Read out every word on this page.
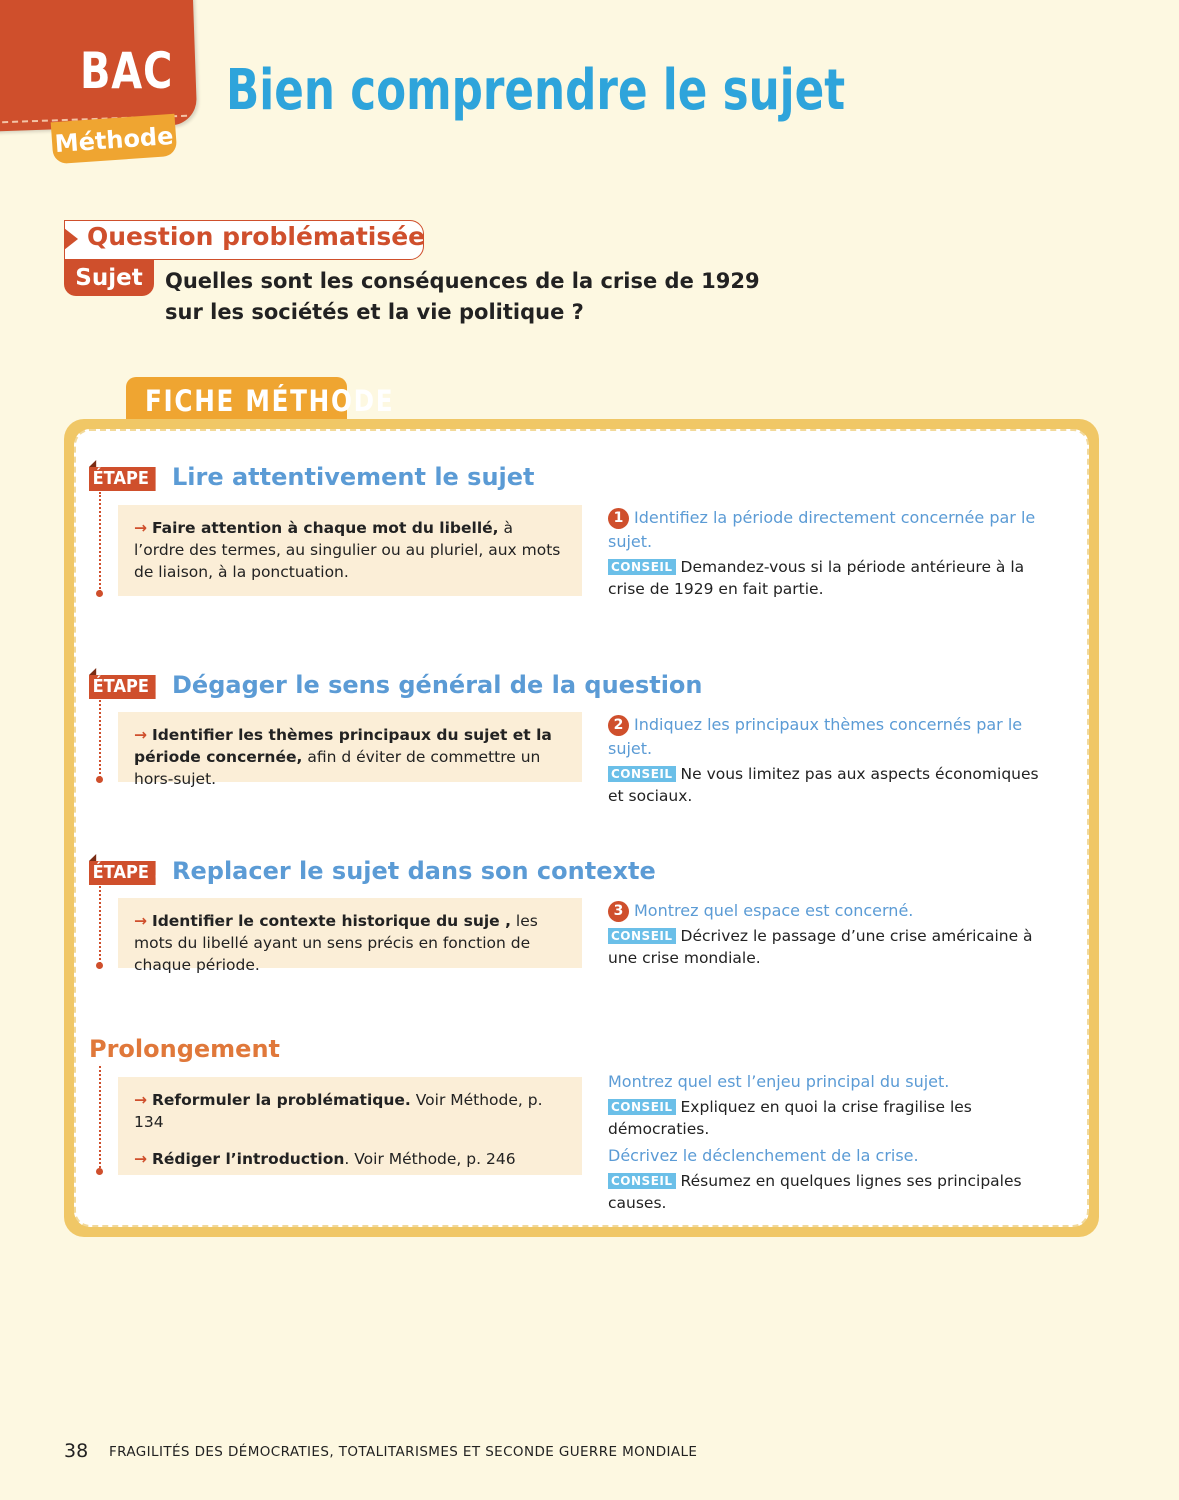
BAC
Méthode
Bien comprendre le sujet
Question problématisée
Sujet	Quelles sont les conséquences de la crise de 1929
sur les sociétés et la vie politique ?
FICHE MÉTHODE
ÉTAPE 1 Lire attentivement le sujet
→ Faire attention à chaque mot du libellé, à l’ordre des termes, au singulier ou au pluriel, aux mots de liaison, à la ponctuation.
1 Identifiez la période directement concernée par le sujet.
CONSEIL Demandez-vous si la période antérieure à la crise de 1929 en fait partie.
ÉTAPE 2 Dégager le sens général de la question
→ Identifier les thèmes principaux du sujet et la période concernée, afin d éviter de commettre un hors-sujet.
2 Indiquez les principaux thèmes concernés par le sujet.
CONSEIL Ne vous limitez pas aux aspects économiques et sociaux.
ÉTAPE 3 Replacer le sujet dans son contexte
→ Identifier le contexte historique du suje , les mots du libellé ayant un sens précis en fonction de chaque période.
3 Montrez quel espace est concerné.
CONSEIL Décrivez le passage d’une crise américaine à une crise mondiale.
Prolongement
→ Reformuler la problématique. Voir Méthode, p. 134
→ Rédiger l’introduction. Voir Méthode, p. 246
Montrez quel est l’enjeu principal du sujet.
CONSEIL Expliquez en quoi la crise fragilise les démocraties.
Décrivez le déclenchement de la crise.
CONSEIL Résumez en quelques lignes ses principales causes.
38 FRAGILITÉS DES DÉMOCRATIES, TOTALITARISMES ET SECONDE GUERRE MONDIALE
